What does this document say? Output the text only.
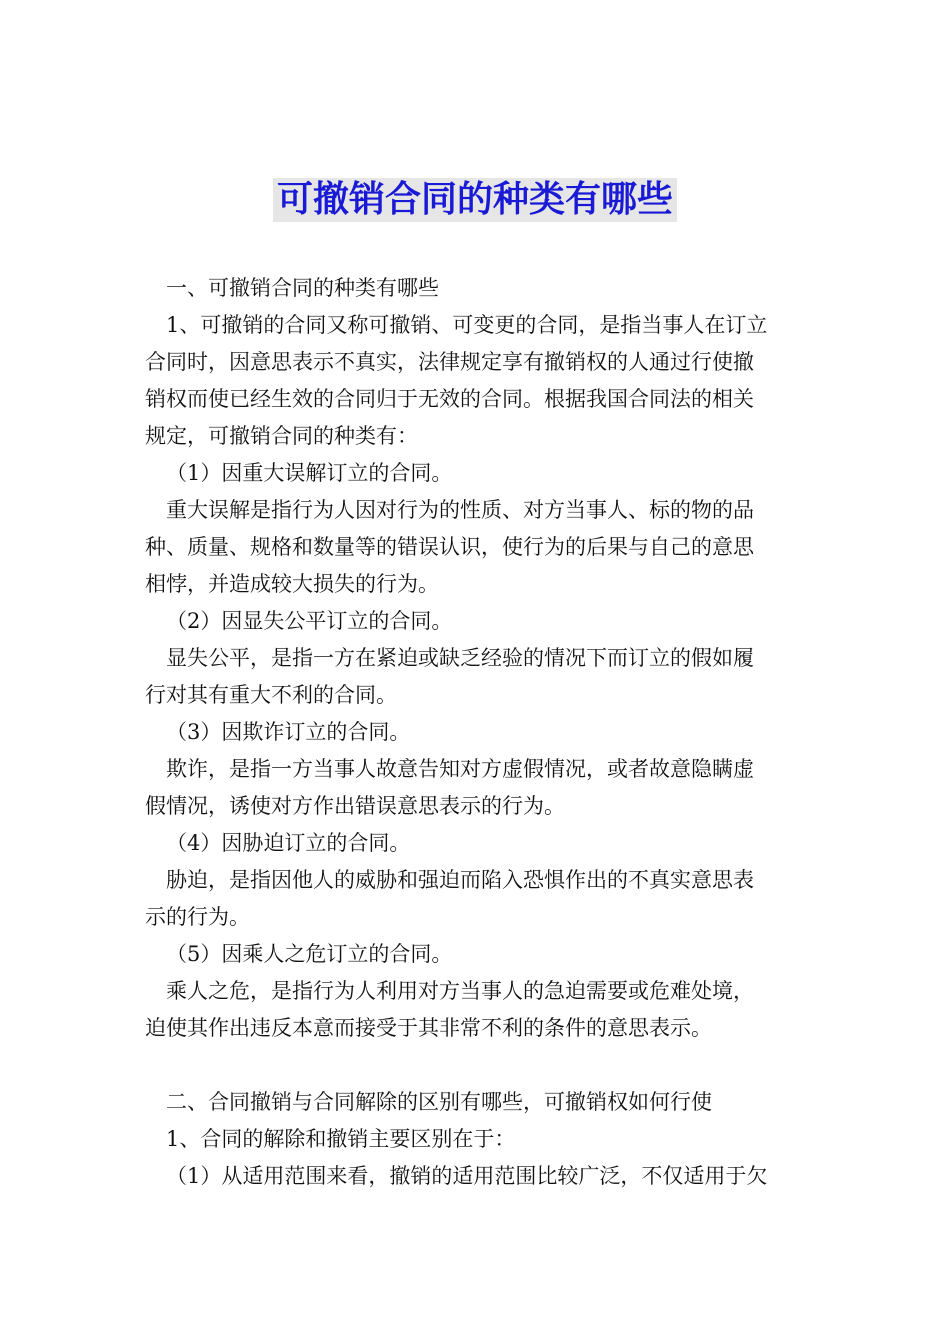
可撤销合同的种类有哪些
一、可撤销合同的种类有哪些
1、可撤销的合同又称可撤销、可变更的合同，是指当事人在订立
合同时，因意思表示不真实，法律规定享有撤销权的人通过行使撤
销权而使已经生效的合同归于无效的合同。根据我国合同法的相关
规定，可撤销合同的种类有：
（1）因重大误解订立的合同。
重大误解是指行为人因对行为的性质、对方当事人、标的物的品
种、质量、规格和数量等的错误认识，使行为的后果与自己的意思
相悖，并造成较大损失的行为。
（2）因显失公平订立的合同。
显失公平，是指一方在紧迫或缺乏经验的情况下而订立的假如履
行对其有重大不利的合同。
（3）因欺诈订立的合同。
欺诈，是指一方当事人故意告知对方虚假情况，或者故意隐瞒虚
假情况，诱使对方作出错误意思表示的行为。
（4）因胁迫订立的合同。
胁迫，是指因他人的威胁和强迫而陷入恐惧作出的不真实意思表
示的行为。
（5）因乘人之危订立的合同。
乘人之危，是指行为人利用对方当事人的急迫需要或危难处境，
迫使其作出违反本意而接受于其非常不利的条件的意思表示。
二、合同撤销与合同解除的区别有哪些，可撤销权如何行使
1、合同的解除和撤销主要区别在于：
（1）从适用范围来看，撤销的适用范围比较广泛，不仅适用于欠
